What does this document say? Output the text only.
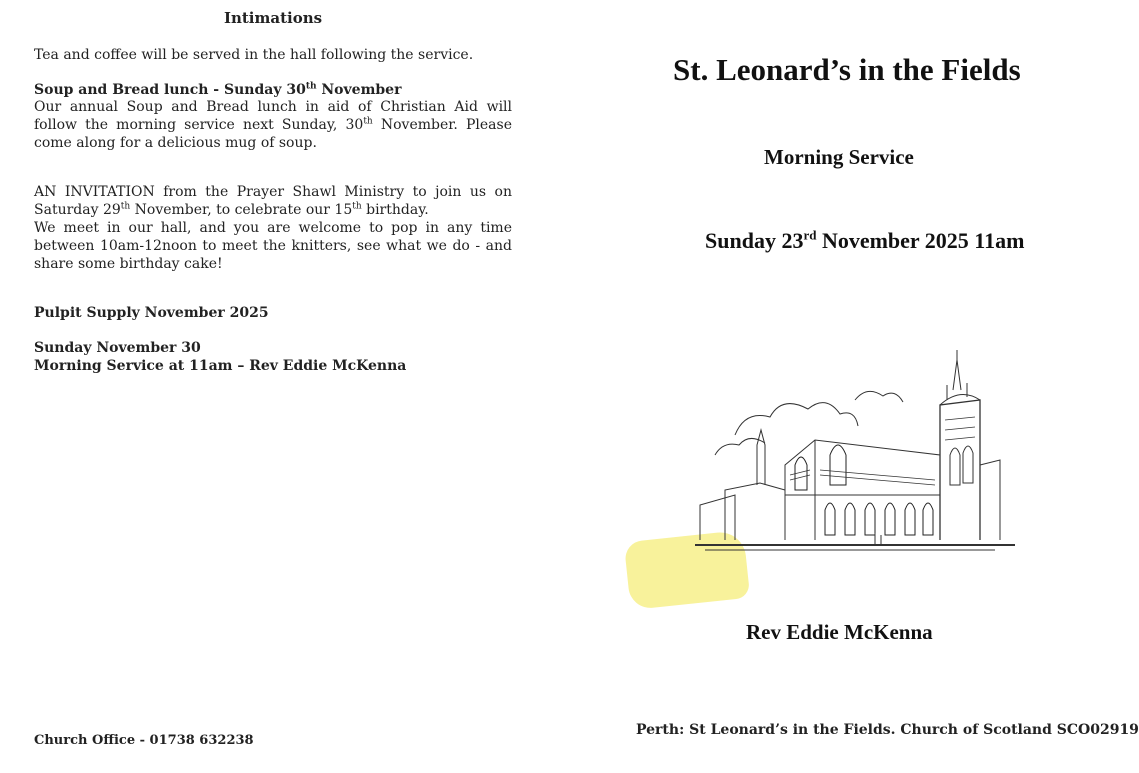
Intimations

Tea and coffee will be served in the hall following the service.

Soup and Bread lunch - Sunday 30th November

Our annual Soup and Bread lunch in aid of Christian Aid will follow the morning service next Sunday, 30th November. Please come along for a delicious mug of soup.

AN INVITATION from the Prayer Shawl Ministry to join us on Saturday 29th November, to celebrate our 15th birthday.

We meet in our hall, and you are welcome to pop in any time between 10am-12noon to meet the knitters, see what we do - and share some birthday cake!

Pulpit Supply November 2025

Sunday November 30

Morning Service at 11am – Rev Eddie McKenna

Church Office - 01738 632238

St. Leonard’s in the Fields
Morning Service
Sunday 23rd November 2025 11am
Rev Eddie McKenna
Perth: St Leonard’s in the Fields. Church of Scotland SCO02919
